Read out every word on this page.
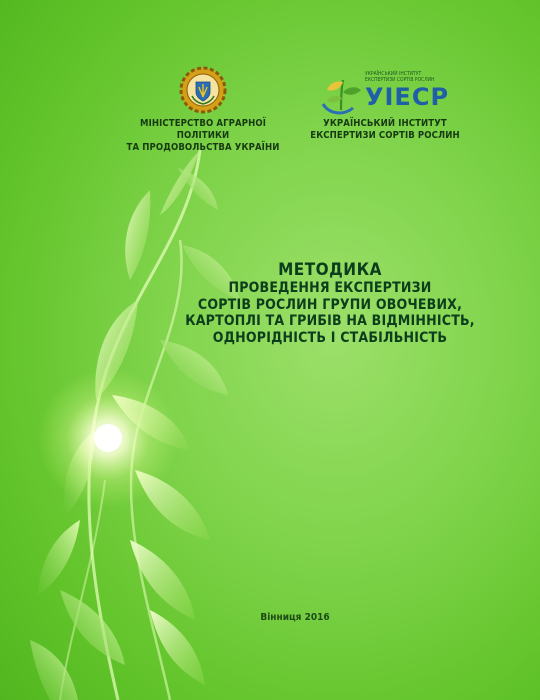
МІНІСТЕРСТВО АГРАРНОЇ ПОЛІТИКИ
ТА ПРОДОВОЛЬСТВА УКРАЇНИ
УКРАЇНСЬКИЙ ІНСТИТУТ
ЕКСПЕРТИЗИ СОРТІВ РОСЛИН
УІЕСР
УКРАЇНСЬКИЙ ІНСТИТУТ
ЕКСПЕРТИЗИ СОРТІВ РОСЛИН
МЕТОДИКА
ПРОВЕДЕННЯ ЕКСПЕРТИЗИ
СОРТІВ РОСЛИН ГРУПИ ОВОЧЕВИХ,
КАРТОПЛІ ТА ГРИБІВ НА ВІДМІННІСТЬ,
ОДНОРІДНІСТЬ І СТАБІЛЬНІСТЬ
Вінниця 2016
